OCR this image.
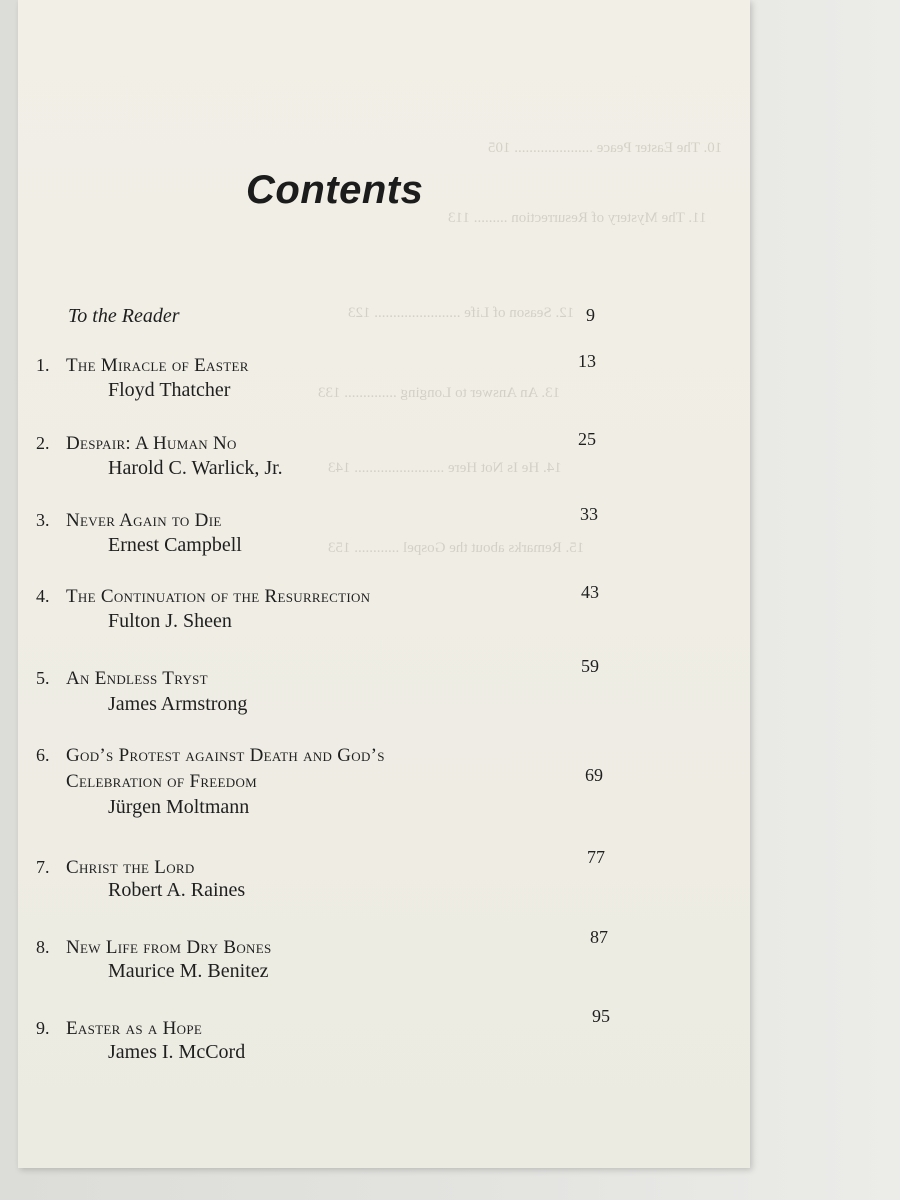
10. The Easter Peace ..................... 105
11. The Mystery of Resurrection ......... 113
12. Season of Life ....................... 123
13. An Answer to Longing .............. 133
14. He Is Not Here ........................ 143
15. Remarks about the Gospel ............ 153
Contents
To the Reader	9
1. The Miracle of Easter
Floyd Thatcher
13
2. Despair: A Human No
Harold C. Warlick, Jr.
25
3. Never Again to Die
Ernest Campbell
33
4. The Continuation of the Resurrection
Fulton J. Sheen
43
5. An Endless Tryst
James Armstrong
59
6. God’s Protest against Death and God’s
Celebration of Freedom
Jürgen Moltmann
69
7. Christ the Lord
Robert A. Raines
77
8. New Life from Dry Bones
Maurice M. Benitez
87
9. Easter as a Hope
James I. McCord
95
